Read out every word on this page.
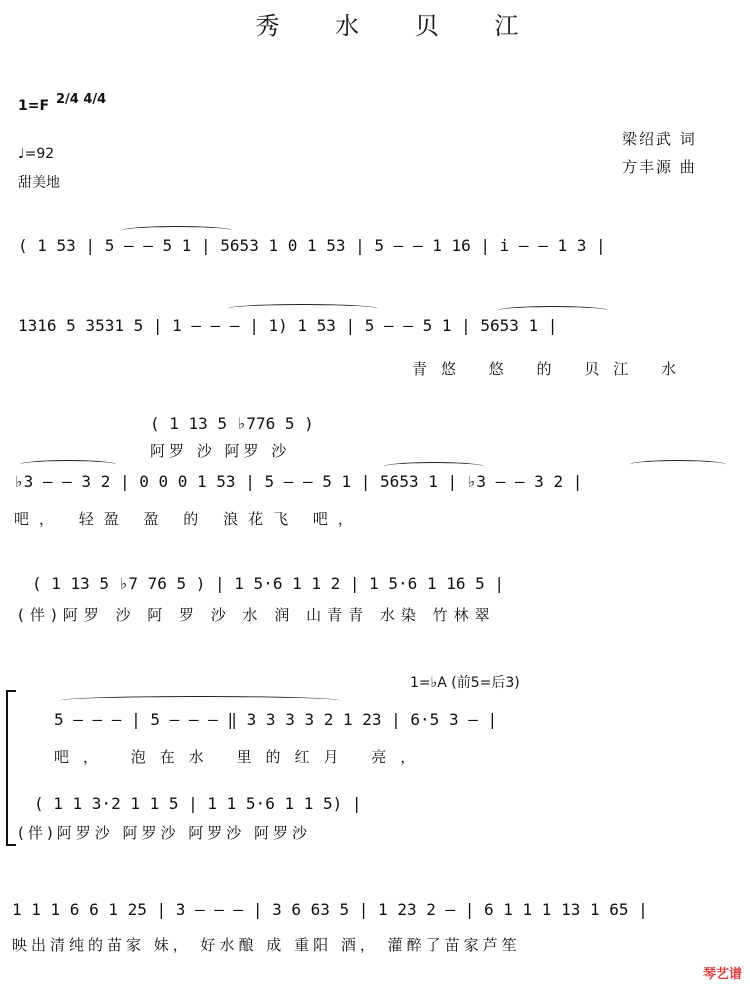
秀 水 贝 江
1=F 2/4 4/4
♩=92
甜美地
梁绍武 词
方丰源 曲
( 1 53 | 5 — — 5 1 | 5653 1 0 1 53 | 5 — — 1 16 | i — — 1 3 |
1316 5 3531 5 | 1 — — — | 1) 1 53 | 5 — — 5 1 | 5653 1 |
青悠 悠 的 贝江 水
( 1 13 5 ♭776 5 )
阿罗 沙 阿罗 沙
♭3 — — 3 2 | 0 0 0 1 53 | 5 — — 5 1 | 5653 1 | ♭3 — — 3 2 |
吧， 轻盈 盈 的 浪花飞 吧，
( 1 13 5 ♭7 76 5 ) | 1 5·6 1 1 2 | 1 5·6 1 16 5 |
(伴)阿罗 沙 阿 罗 沙 水 润 山青青 水染 竹林翠
1=♭A (前5=后3)
5 — — — | 5 — — — ‖ 3 3 3 3 2 1 23 | 6·5 3 — |
吧， 泡在水 里的红月 亮，
( 1 1 3·2 1 1 5 | 1 1 5·6 1 1 5) |
(伴)阿罗沙 阿罗沙 阿罗沙 阿罗沙
1 1 1 6 6 1 25 | 3 — — — | 3 6 63 5 | 1 23 2 — | 6 1 1 1 13 1 65 |
映出清纯的苗家 妹， 好水酿 成 重阳 酒， 灌醉了苗家芦笙
琴艺谱
